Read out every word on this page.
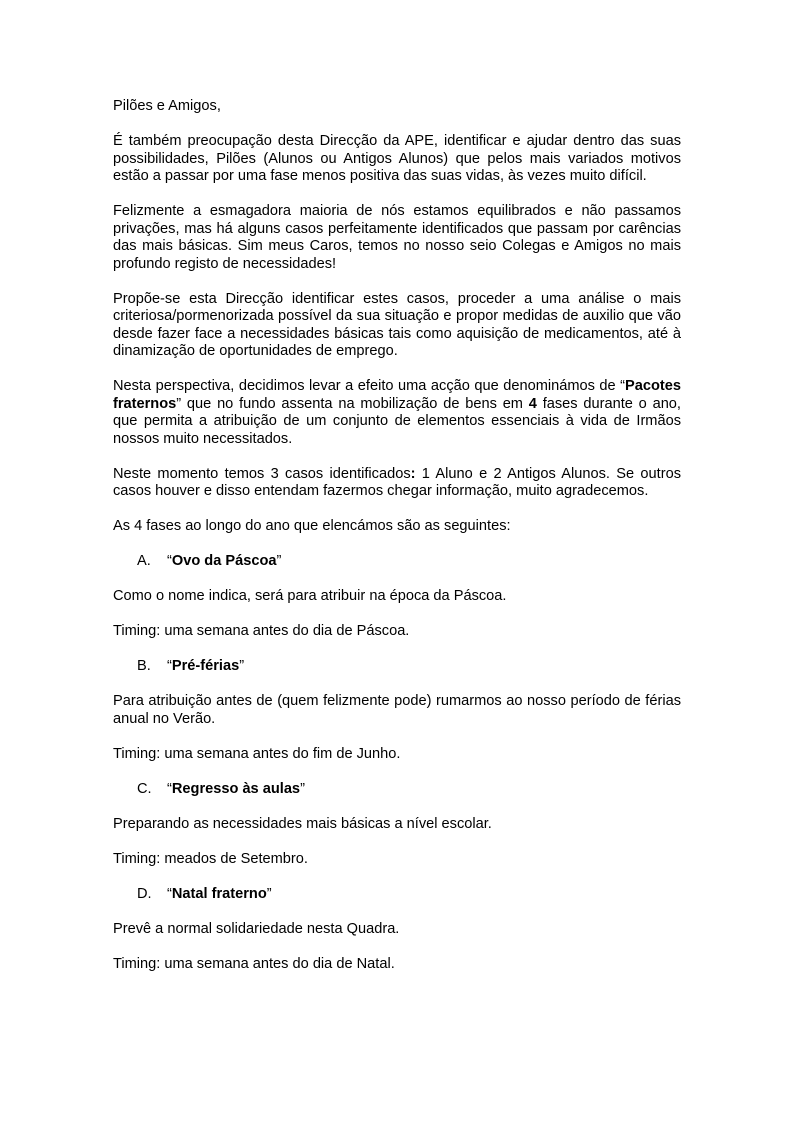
Pilões e Amigos,

É também preocupação desta Direcção da APE, identificar e ajudar dentro das suas possibilidades, Pilões (Alunos ou Antigos Alunos) que pelos mais variados motivos estão a passar por uma fase menos positiva das suas vidas, às vezes muito difícil.

Felizmente a esmagadora maioria de nós estamos equilibrados e não passamos privações, mas há alguns casos perfeitamente identificados que passam por carências das mais básicas. Sim meus Caros, temos no nosso seio Colegas e Amigos no mais profundo registo de necessidades!

Propõe-se esta Direcção identificar estes casos, proceder a uma análise o mais criteriosa/pormenorizada possível da sua situação e propor medidas de auxilio que vão desde fazer face a necessidades básicas tais como aquisição de medicamentos, até à dinamização de oportunidades de emprego.

Nesta perspectiva, decidimos levar a efeito uma acção que denominámos de “Pacotes fraternos” que no fundo assenta na mobilização de bens em 4 fases durante o ano, que permita a atribuição de um conjunto de elementos essenciais à vida de Irmãos nossos muito necessitados.

Neste momento temos 3 casos identificados: 1 Aluno e 2 Antigos Alunos. Se outros casos houver e disso entendam fazermos chegar informação, muito agradecemos.

As 4 fases ao longo do ano que elencámos são as seguintes:

A.	“Ovo da Páscoa”

Como o nome indica, será para atribuir na época da Páscoa.

Timing: uma semana antes do dia de Páscoa.

B.	“Pré-férias”

Para atribuição antes de (quem felizmente pode) rumarmos ao nosso período de férias anual no Verão.

Timing: uma semana antes do fim de Junho.

C.	“Regresso às aulas”

Preparando as necessidades mais básicas a nível escolar.

Timing: meados de Setembro.

D.	“Natal fraterno”

Prevê a normal solidariedade nesta Quadra.

Timing: uma semana antes do dia de Natal.
